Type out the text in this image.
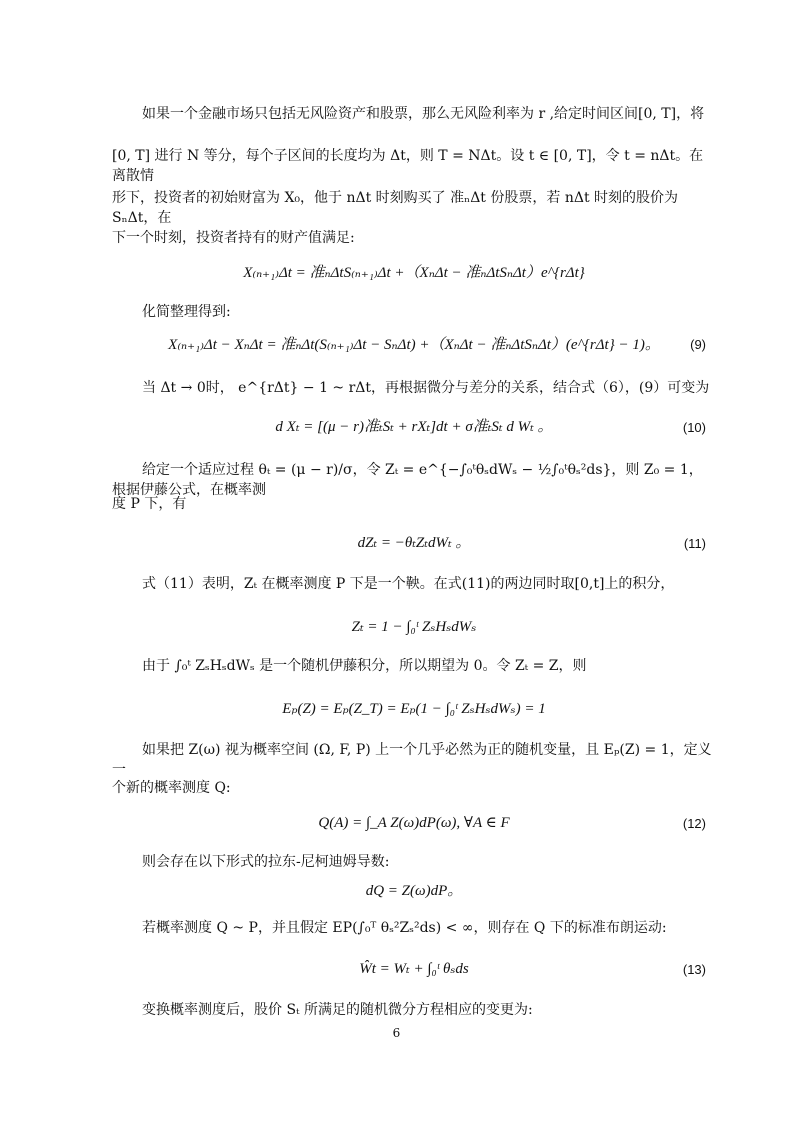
如果一个金融市场只包括无风险资产和股票，那么无风险利率为 r ,给定时间区间[0, T]，将
[0, T] 进行 N 等分，每个子区间的长度均为 Δt，则 T = NΔt。设 t ∈ [0, T]，令 t = nΔt。在离散情
形下，投资者的初始财富为 X₀，他于 nΔt 时刻购买了 准ₙΔt 份股票，若 nΔt 时刻的股价为 SₙΔt，在
下一个时刻，投资者持有的财产值满足:
X₍ₙ₊₁₎Δt = 准ₙΔtS₍ₙ₊₁₎Δt +（XₙΔt − 准ₙΔtSₙΔt）e^{rΔt}
化简整理得到:
X₍ₙ₊₁₎Δt − XₙΔt = 准ₙΔt(S₍ₙ₊₁₎Δt − SₙΔt) +（XₙΔt − 准ₙΔtSₙΔt）(e^{rΔt} − 1)。	(9)
当 Δt → 0时， e^{rΔt} − 1 ~ rΔt，再根据微分与差分的关系，结合式（6），(9）可变为
d Xₜ = [(μ − r)准ₜSₜ + rXₜ]dt + σ准ₜSₜ d Wₜ 。	(10)
给定一个适应过程 θₜ = (μ − r)/σ，令 Zₜ = e^{−∫₀ᵗθₛdWₛ − ½∫₀ᵗθₛ²ds}，则 Z₀ = 1，根据伊藤公式，在概率测
度 P 下，有
dZₜ = −θₜZₜdWₜ 。	(11)
式（11）表明，Zₜ 在概率测度 P 下是一个鞅。在式(11)的两边同时取[0,t]上的积分，
Zₜ = 1 − ∫₀ᵗ ZₛHₛdWₛ
由于 ∫₀ᵗ ZₛHₛdWₛ 是一个随机伊藤积分，所以期望为 0。令 Zₜ = Z，则
Eₚ(Z) = Eₚ(Z_T) = Eₚ(1 − ∫₀ᵗ ZₛHₛdWₛ) = 1
如果把 Z(ω) 视为概率空间 (Ω, F, P) 上一个几乎必然为正的随机变量，且 Eₚ(Z) = 1，定义一
个新的概率测度 Q:
Q(A) = ∫_A Z(ω)dP(ω), ∀A ∈ F	(12)
则会存在以下形式的拉东-尼柯迪姆导数:
dQ = Z(ω)dP。
若概率测度 Q ~ P，并且假定 EP(∫₀ᵀ θₛ²Zₛ²ds) < ∞，则存在 Q 下的标准布朗运动:
Ŵt = Wₜ + ∫₀ᵗ θₛds	(13)
变换概率测度后，股价 Sₜ 所满足的随机微分方程相应的变更为:
6
